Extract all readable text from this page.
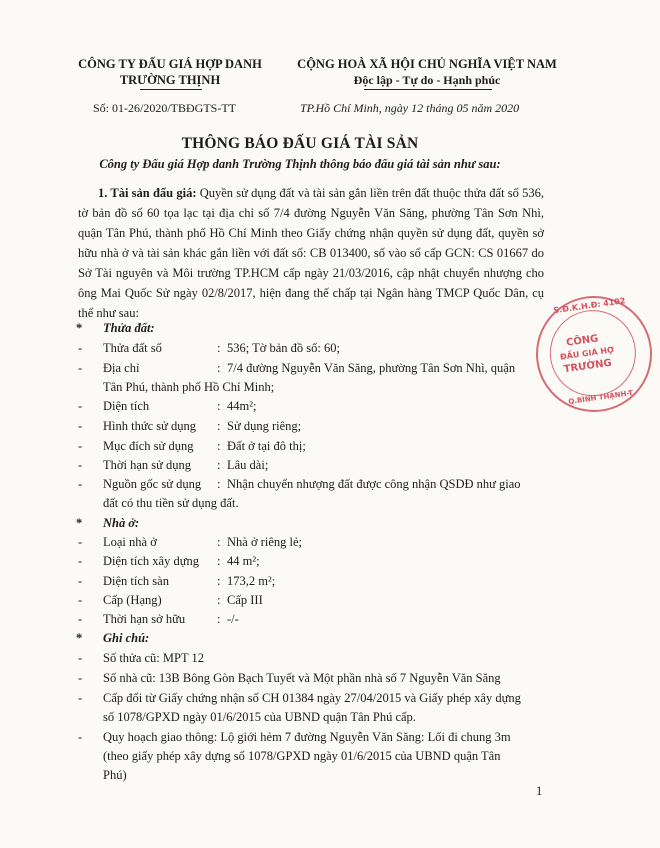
CÔNG TY ĐẤU GIÁ HỢP DANH
TRƯỜNG THỊNH
CỘNG HOÀ XÃ HỘI CHỦ NGHĨA VIỆT NAM
Độc lập - Tự do - Hạnh phúc
Số: 01-26/2020/TBĐGTS-TT	TP.Hồ Chí Minh, ngày 12 tháng 05 năm 2020
THÔNG BÁO ĐẤU GIÁ TÀI SẢN
Công ty Đấu giá Hợp danh Trường Thịnh thông báo đấu giá tài sản như sau:
1. Tài sản đấu giá: Quyền sử dụng đất và tài sản gắn liền trên đất thuộc thửa đất số 536, tờ bản đồ số 60 tọa lạc tại địa chỉ số 7/4 đường Nguyễn Văn Săng, phường Tân Sơn Nhì, quận Tân Phú, thành phố Hồ Chí Minh theo Giấy chứng nhận quyền sử dụng đất, quyền sở hữu nhà ở và tài sản khác gắn liền với đất số: CB 013400, số vào sổ cấp GCN: CS 01667 do Sở Tài nguyên và Môi trường TP.HCM cấp ngày 21/03/2016, cập nhật chuyển nhượng cho ông Mai Quốc Sử ngày 02/8/2017, hiện đang thế chấp tại Ngân hàng TMCP Quốc Dân, cụ thể như sau:
* Thửa đất:
- Thửa đất số	: 536; Tờ bản đồ số: 60;
- Địa chỉ	: 7/4 đường Nguyễn Văn Săng, phường Tân Sơn Nhì, quận
Tân Phú, thành phố Hồ Chí Minh;
- Diện tích	: 44m²;
- Hình thức sử dụng : Sử dụng riêng;
- Mục đích sử dụng : Đất ở tại đô thị;
- Thời hạn sử dụng : Lâu dài;
- Nguồn gốc sử dụng : Nhận chuyển nhượng đất được công nhận QSDĐ như giao
đất có thu tiền sử dụng đất.
* Nhà ở:
- Loại nhà ở	: Nhà ở riêng lẻ;
- Diện tích xây dựng : 44 m²;
- Diện tích sàn	: 173,2 m²;
- Cấp (Hạng)	: Cấp III
- Thời hạn sở hữu	: -/-
* Ghi chú:
- Số thửa cũ: MPT 12
- Số nhà cũ: 13B Bông Gòn Bạch Tuyết và Một phần nhà số 7 Nguyễn Văn Săng
- Cấp đổi từ Giấy chứng nhận số CH 01384 ngày 27/04/2015 và Giấy phép xây dựng
số 1078/GPXD ngày 01/6/2015 của UBND quận Tân Phú cấp.
- Quy hoạch giao thông: Lộ giới hẻm 7 đường Nguyễn Văn Săng: Lối đi chung 3m
(theo giấy phép xây dựng số 1078/GPXD ngày 01/6/2015 của UBND quận Tân
Phú)
S.Đ.K.H.Đ: 4102
CÔNG
ĐẤU GIÁ HỢ
TRƯỜNG
Q.BÌNH THẠNH-T
1
